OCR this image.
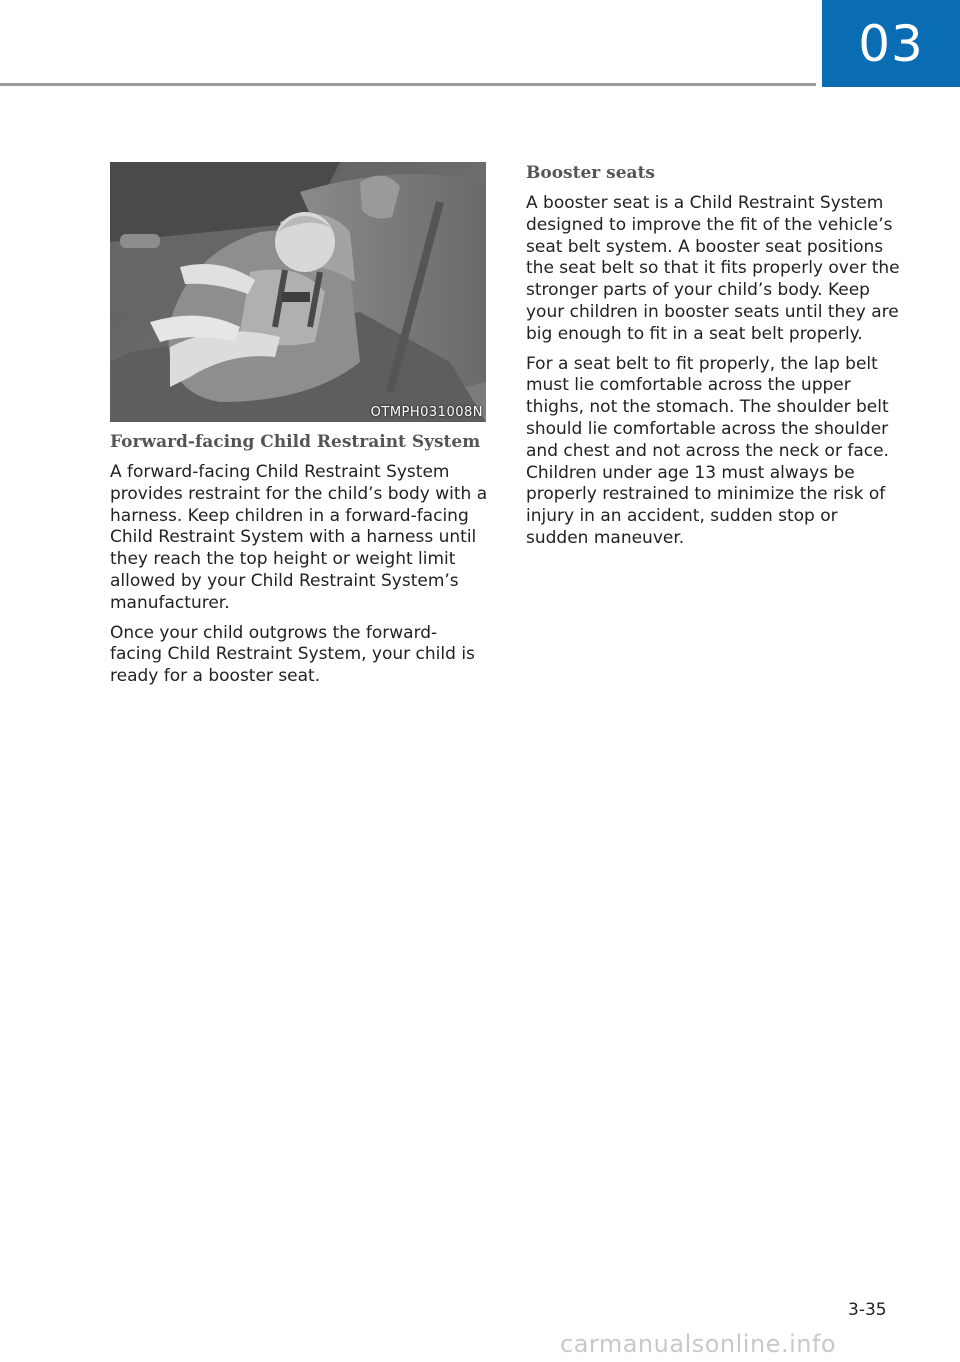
03
OTMPH031008N
Forward-facing Child Restraint System

A forward-facing Child Restraint System provides restraint for the child’s body with a harness. Keep children in a forward-facing Child Restraint System with a harness until they reach the top height or weight limit allowed by your Child Restraint System’s manufacturer.

Once your child outgrows the forward-facing Child Restraint System, your child is ready for a booster seat.

Booster seats

A booster seat is a Child Restraint System designed to improve the fit of the vehicle’s seat belt system. A booster seat positions the seat belt so that it fits properly over the stronger parts of your child’s body. Keep your children in booster seats until they are big enough to fit in a seat belt properly.

For a seat belt to fit properly, the lap belt must lie comfortable across the upper thighs, not the stomach. The shoulder belt should lie comfortable across the shoulder and chest and not across the neck or face. Children under age 13 must always be properly restrained to minimize the risk of injury in an accident, sudden stop or sudden maneuver.

3-35
carmanualsonline.info
